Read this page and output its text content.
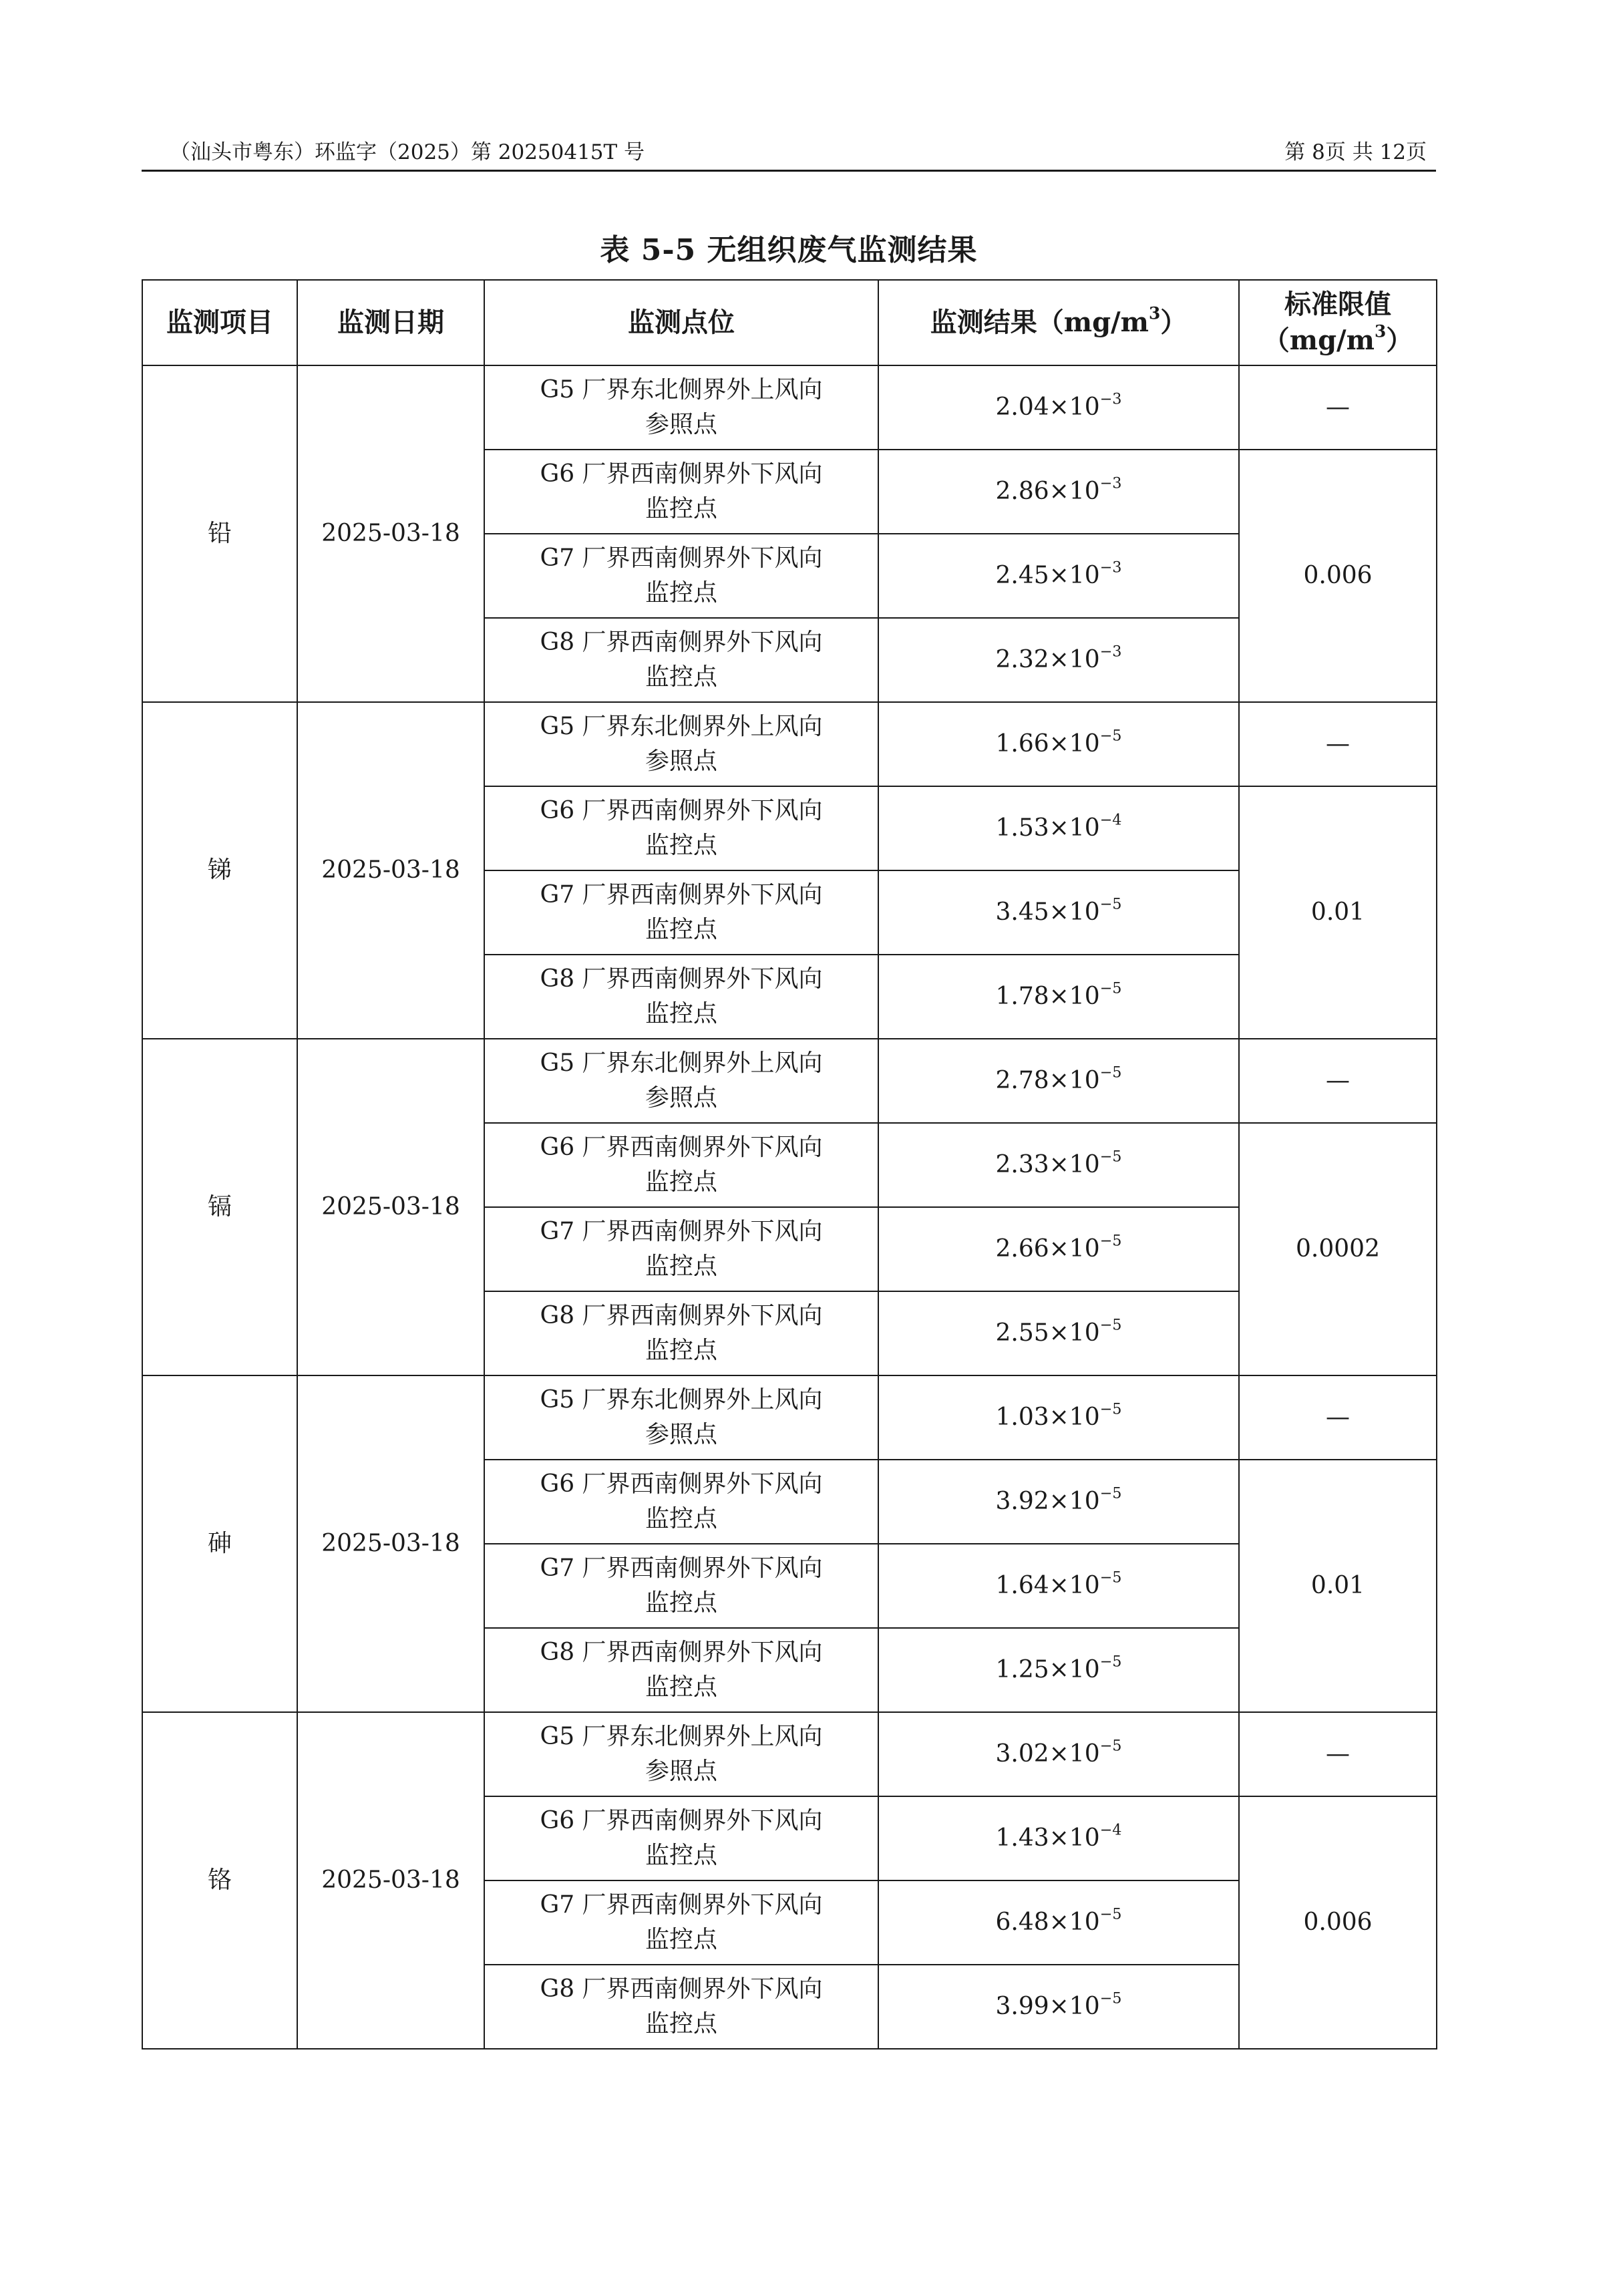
（汕头市粤东）环监字（2025）第 20250415T 号	第 8页 共 12页
表 5-5 无组织废气监测结果
监测项目	监测日期	监测点位	监测结果$(mg/m^3)$	标准限值
$(mg/m^3)$

铅	2025-03-18	G5 厂界东北侧界外上风向
参照点	$2.04\times 10^{-3}$	—

		G6 厂界西南侧界外下风向
监控点	$2.86\times 10^{-3}$	0.006

		G7 厂界西南侧界外下风向
监控点	$2.45\times 10^{-3}$

		G8 厂界西南侧界外下风向
监控点	$2.32\times 10^{-3}$
锑	2025-03-18	G5 厂界东北侧界外上风向
参照点	$1.66\times 10^{-5}$	—

		G6 厂界西南侧界外下风向
监控点	$1.53\times 10^{-4}$	0.01

		G7 厂界西南侧界外下风向
监控点	$3.45\times 10^{-5}$

		G8 厂界西南侧界外下风向
监控点	$1.78\times 10^{-5}$
镉	2025-03-18	G5 厂界东北侧界外上风向
参照点	$2.78\times 10^{-5}$	—

		G6 厂界西南侧界外下风向
监控点	$2.33\times 10^{-5}$	0.0002

		G7 厂界西南侧界外下风向
监控点	$2.66\times 10^{-5}$

		G8 厂界西南侧界外下风向
监控点	$2.55\times 10^{-5}$
砷	2025-03-18	G5 厂界东北侧界外上风向
参照点	$1.03\times 10^{-5}$	—

		G6 厂界西南侧界外下风向
监控点	$3.92\times 10^{-5}$	0.01

		G7 厂界西南侧界外下风向
监控点	$1.64\times 10^{-5}$

		G8 厂界西南侧界外下风向
监控点	$1.25\times 10^{-5}$
铬	2025-03-18	G5 厂界东北侧界外上风向
参照点	$3.02\times 10^{-5}$	—

		G6 厂界西南侧界外下风向
监控点	$1.43\times 10^{-4}$	0.006

		G7 厂界西南侧界外下风向
监控点	$6.48\times 10^{-5}$

		G8 厂界西南侧界外下风向
监控点	$3.99\times 10^{-5}$
